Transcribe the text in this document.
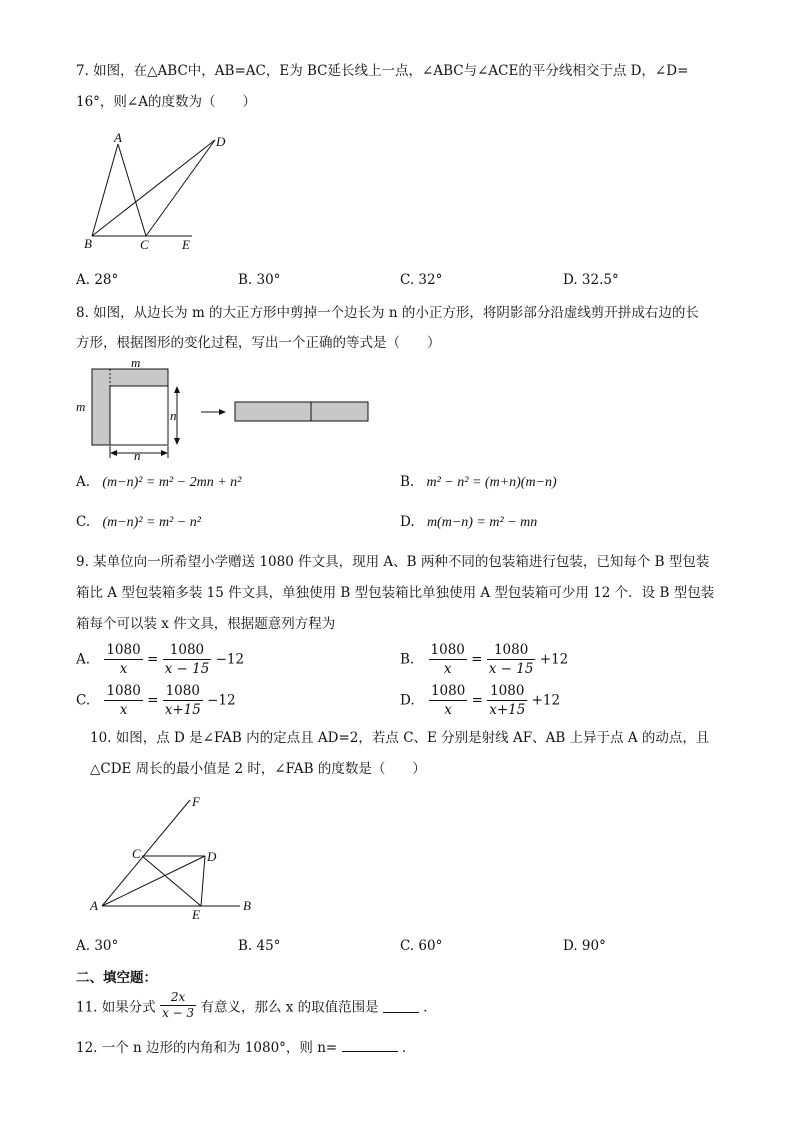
7. 如图，在△ABC中，AB=AC，E为 BC延长线上一点，∠ABC与∠ACE的平分线相交于点 D，∠D=
16°，则∠A的度数为（　　）
A
B	C
D
E
A. 28°	B. 30°	C. 32°	D. 32.5°
8. 如图，从边长为 m 的大正方形中剪掉一个边长为 n 的小正方形，将阴影部分沿虚线剪开拼成右边的长
方形，根据图形的变化过程，写出一个正确的等式是（　　）
m
m
n
n
A. (m−n)² = m² − 2mn + n²	B. m² − n² = (m+n)(m−n)
C. (m−n)² = m² − n²	D. m(m−n) = m² − mn
9. 某单位向一所希望小学赠送 1080 件文具，现用 A、B 两种不同的包装箱进行包装，已知每个 B 型包装
箱比 A 型包装箱多装 15 件文具，单独使用 B 型包装箱比单独使用 A 型包装箱可少用 12 个．设 B 型包装
箱每个可以装 x 件文具，根据题意列方程为
A. $\frac{1080}{x} = \frac{1080}{x - 15} -12$	B. $\frac{1080}{x} = \frac{1080}{x - 15} +12$
C. $\frac{1080}{x} = \frac{1080}{x+15} -12$	D. $\frac{1080}{x} = \frac{1080}{x+15} +12$
10. 如图，点 D 是∠FAB 内的定点且 AD=2，若点 C、E 分别是射线 AF、AB 上异于点 A 的动点，且
△CDE 周长的最小值是 2 时，∠FAB 的度数是（　　）
F
C	D
A
E
B
A. 30°	B. 45°	C. 60°	D. 90°
二、填空题：
11. 如果分式 $\frac{2x}{x - 3}$ 有意义，那么 x 的取值范围是	．
12. 一个 n 边形的内角和为 1080°，则 n=	．
